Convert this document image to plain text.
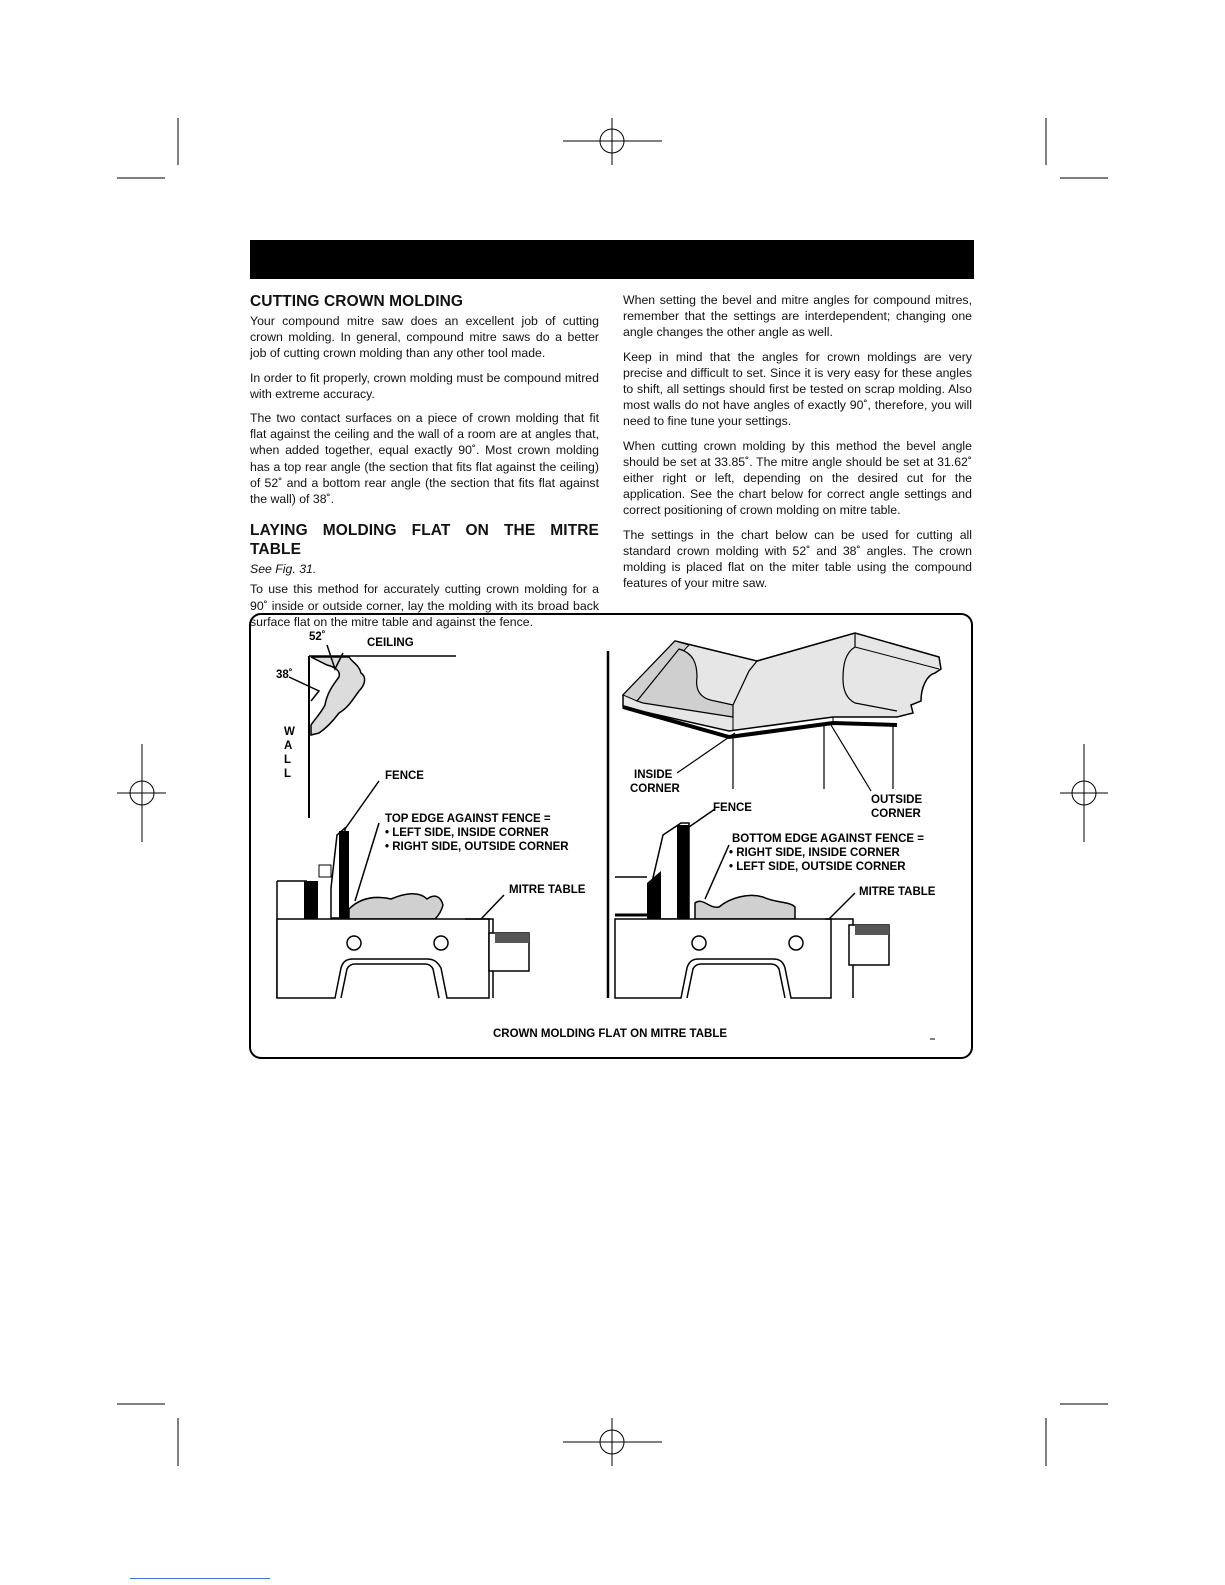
CUTTING CROWN MOLDING

Your compound mitre saw does an excellent job of cutting crown molding. In general, compound mitre saws do a better job of cutting crown molding than any other tool made.

In order to fit properly, crown molding must be compound mitred with extreme accuracy.

The two contact surfaces on a piece of crown molding that fit flat against the ceiling and the wall of a room are at angles that, when added together, equal exactly 90˚. Most crown molding has a top rear angle (the section that fits flat against the ceiling) of 52˚ and a bottom rear angle (the section that fits flat against the wall) of 38˚.

LAYING MOLDING FLAT ON THE MITRE TABLE

See Fig. 31.

To use this method for accurately cutting crown molding for a 90˚ inside or outside corner, lay the molding with its broad back surface flat on the mitre table and against the fence.

When setting the bevel and mitre angles for compound mitres, remember that the settings are interdependent; changing one angle changes the other angle as well.

Keep in mind that the angles for crown moldings are very precise and difficult to set. Since it is very easy for these angles to shift, all settings should first be tested on scrap molding. Also most walls do not have angles of exactly 90˚, therefore, you will need to fine tune your settings.

When cutting crown molding by this method the bevel angle should be set at 33.85˚. The mitre angle should be set at 31.62˚ either right or left, depending on the desired cut for the application. See the chart below for correct angle settings and correct positioning of crown molding on mitre table.

The settings in the chart below can be used for cutting all standard crown molding with 52˚ and 38˚ angles. The crown molding is placed flat on the miter table using the compound features of your mitre saw.

52˚
38˚
CEILING
W
A
L
L	FENCE
TOP EDGE AGAINST FENCE =
• LEFT SIDE, INSIDE CORNER
• RIGHT SIDE, OUTSIDE CORNER
MITRE TABLE
INSIDE
CORNER
OUTSIDE
CORNER
FENCE
BOTTOM EDGE AGAINST FENCE =
• RIGHT SIDE, INSIDE CORNER
• LEFT SIDE, OUTSIDE CORNER
MITRE TABLE
CROWN MOLDING FLAT ON MITRE TABLE
